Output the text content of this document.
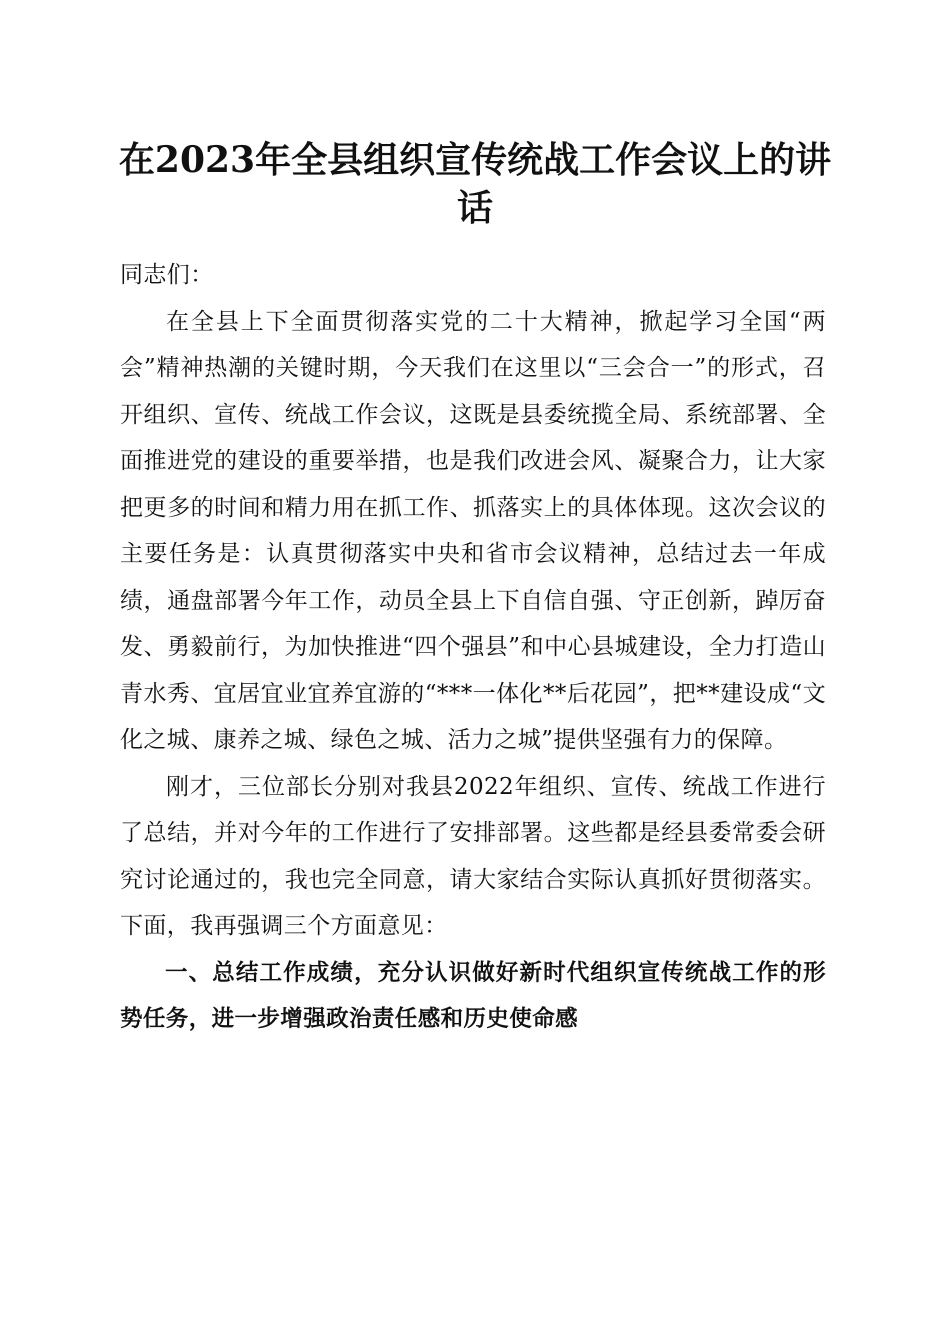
在2023年全县组织宣传统战工作会议上的讲话

同志们：

在全县上下全面贯彻落实党的二十大精神，掀起学习全国“两会”精神热潮的关键时期，今天我们在这里以“三会合一”的形式，召开组织、宣传、统战工作会议，这既是县委统揽全局、系统部署、全面推进党的建设的重要举措，也是我们改进会风、凝聚合力，让大家把更多的时间和精力用在抓工作、抓落实上的具体体现。这次会议的主要任务是：认真贯彻落实中央和省市会议精神，总结过去一年成绩，通盘部署今年工作，动员全县上下自信自强、守正创新，踔厉奋发、勇毅前行，为加快推进“四个强县”和中心县城建设，全力打造山青水秀、宜居宜业宜养宜游的“***一体化**后花园”，把**建设成“文化之城、康养之城、绿色之城、活力之城”提供坚强有力的保障。

刚才，三位部长分别对我县2022年组织、宣传、统战工作进行了总结，并对今年的工作进行了安排部署。这些都是经县委常委会研究讨论通过的，我也完全同意，请大家结合实际认真抓好贯彻落实。下面，我再强调三个方面意见：

一、总结工作成绩，充分认识做好新时代组织宣传统战工作的形势任务，进一步增强政治责任感和历史使命感
